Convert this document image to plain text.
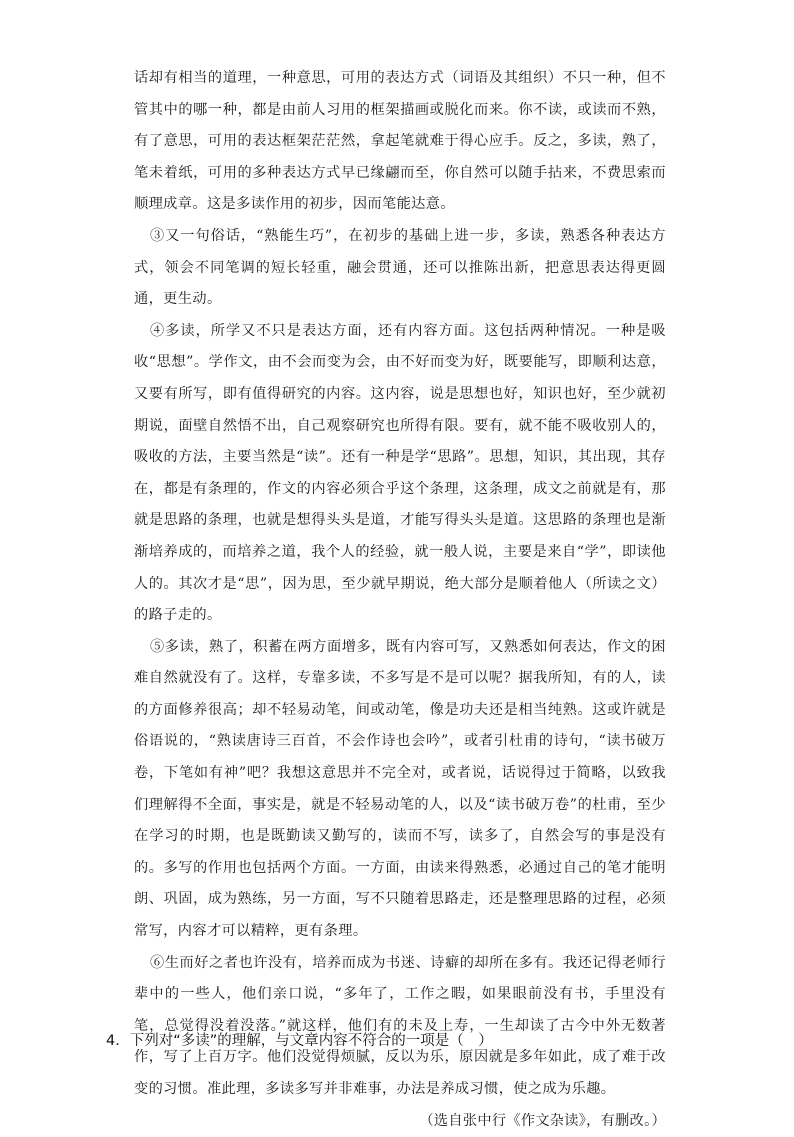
话却有相当的道理，一种意思，可用的表达方式（词语及其组织）不只一种，但不管其中的哪一种，都是由前人习用的框架描画或脱化而来。你不读，或读而不熟，有了意思，可用的表达框架茫茫然，拿起笔就难于得心应手。反之，多读，熟了，笔未着纸，可用的多种表达方式早已缘翩而至，你自然可以随手拈来，不费思索而顺理成章。这是多读作用的初步，因而笔能达意。

③又一句俗话，“熟能生巧”，在初步的基础上进一步，多读，熟悉各种表达方式，领会不同笔调的短长轻重，融会贯通，还可以推陈出新，把意思表达得更圆通，更生动。

④多读，所学又不只是表达方面，还有内容方面。这包括两种情况。一种是吸收“思想”。学作文，由不会而变为会，由不好而变为好，既要能写，即顺利达意，又要有所写，即有值得研究的内容。这内容，说是思想也好，知识也好，至少就初期说，面壁自然悟不出，自己观察研究也所得有限。要有，就不能不吸收别人的，吸收的方法，主要当然是“读”。还有一种是学“思路”。思想，知识，其出现，其存在，都是有条理的，作文的内容必须合乎这个条理，这条理，成文之前就是有，那就是思路的条理，也就是想得头头是道，才能写得头头是道。这思路的条理也是渐渐培养成的，而培养之道，我个人的经验，就一般人说，主要是来自“学”，即读他人的。其次才是“思”，因为思，至少就早期说，绝大部分是顺着他人（所读之文）的路子走的。

⑤多读，熟了，积蓄在两方面增多，既有内容可写，又熟悉如何表达，作文的困难自然就没有了。这样，专靠多读，不多写是不是可以呢？据我所知，有的人，读的方面修养很高；却不轻易动笔，间或动笔，像是功夫还是相当纯熟。这或许就是俗语说的，“熟读唐诗三百首，不会作诗也会吟”，或者引杜甫的诗句，“读书破万卷，下笔如有神”吧？我想这意思并不完全对，或者说，话说得过于简略，以致我们理解得不全面，事实是，就是不轻易动笔的人，以及“读书破万卷”的杜甫，至少在学习的时期，也是既勤读又勤写的，读而不写，读多了，自然会写的事是没有的。多写的作用也包括两个方面。一方面，由读来得熟悉，必通过自己的笔才能明朗、巩固，成为熟练，另一方面，写不只随着思路走，还是整理思路的过程，必须常写，内容才可以精粹，更有条理。

⑥生而好之者也许没有，培养而成为书迷、诗癖的却所在多有。我还记得老师行辈中的一些人，他们亲口说，“多年了，工作之暇，如果眼前没有书，手里没有笔，总觉得没着没落。”就这样，他们有的未及上寿，一生却读了古今中外无数著作，写了上百万字。他们没觉得烦腻，反以为乐，原因就是多年如此，成了难于改变的习惯。准此理，多读多写并非难事，办法是养成习惯，使之成为乐趣。

（选自张中行《作文杂读》，有删改。）

4．下列对“多读”的理解，与文章内容不符合的一项是（　）
